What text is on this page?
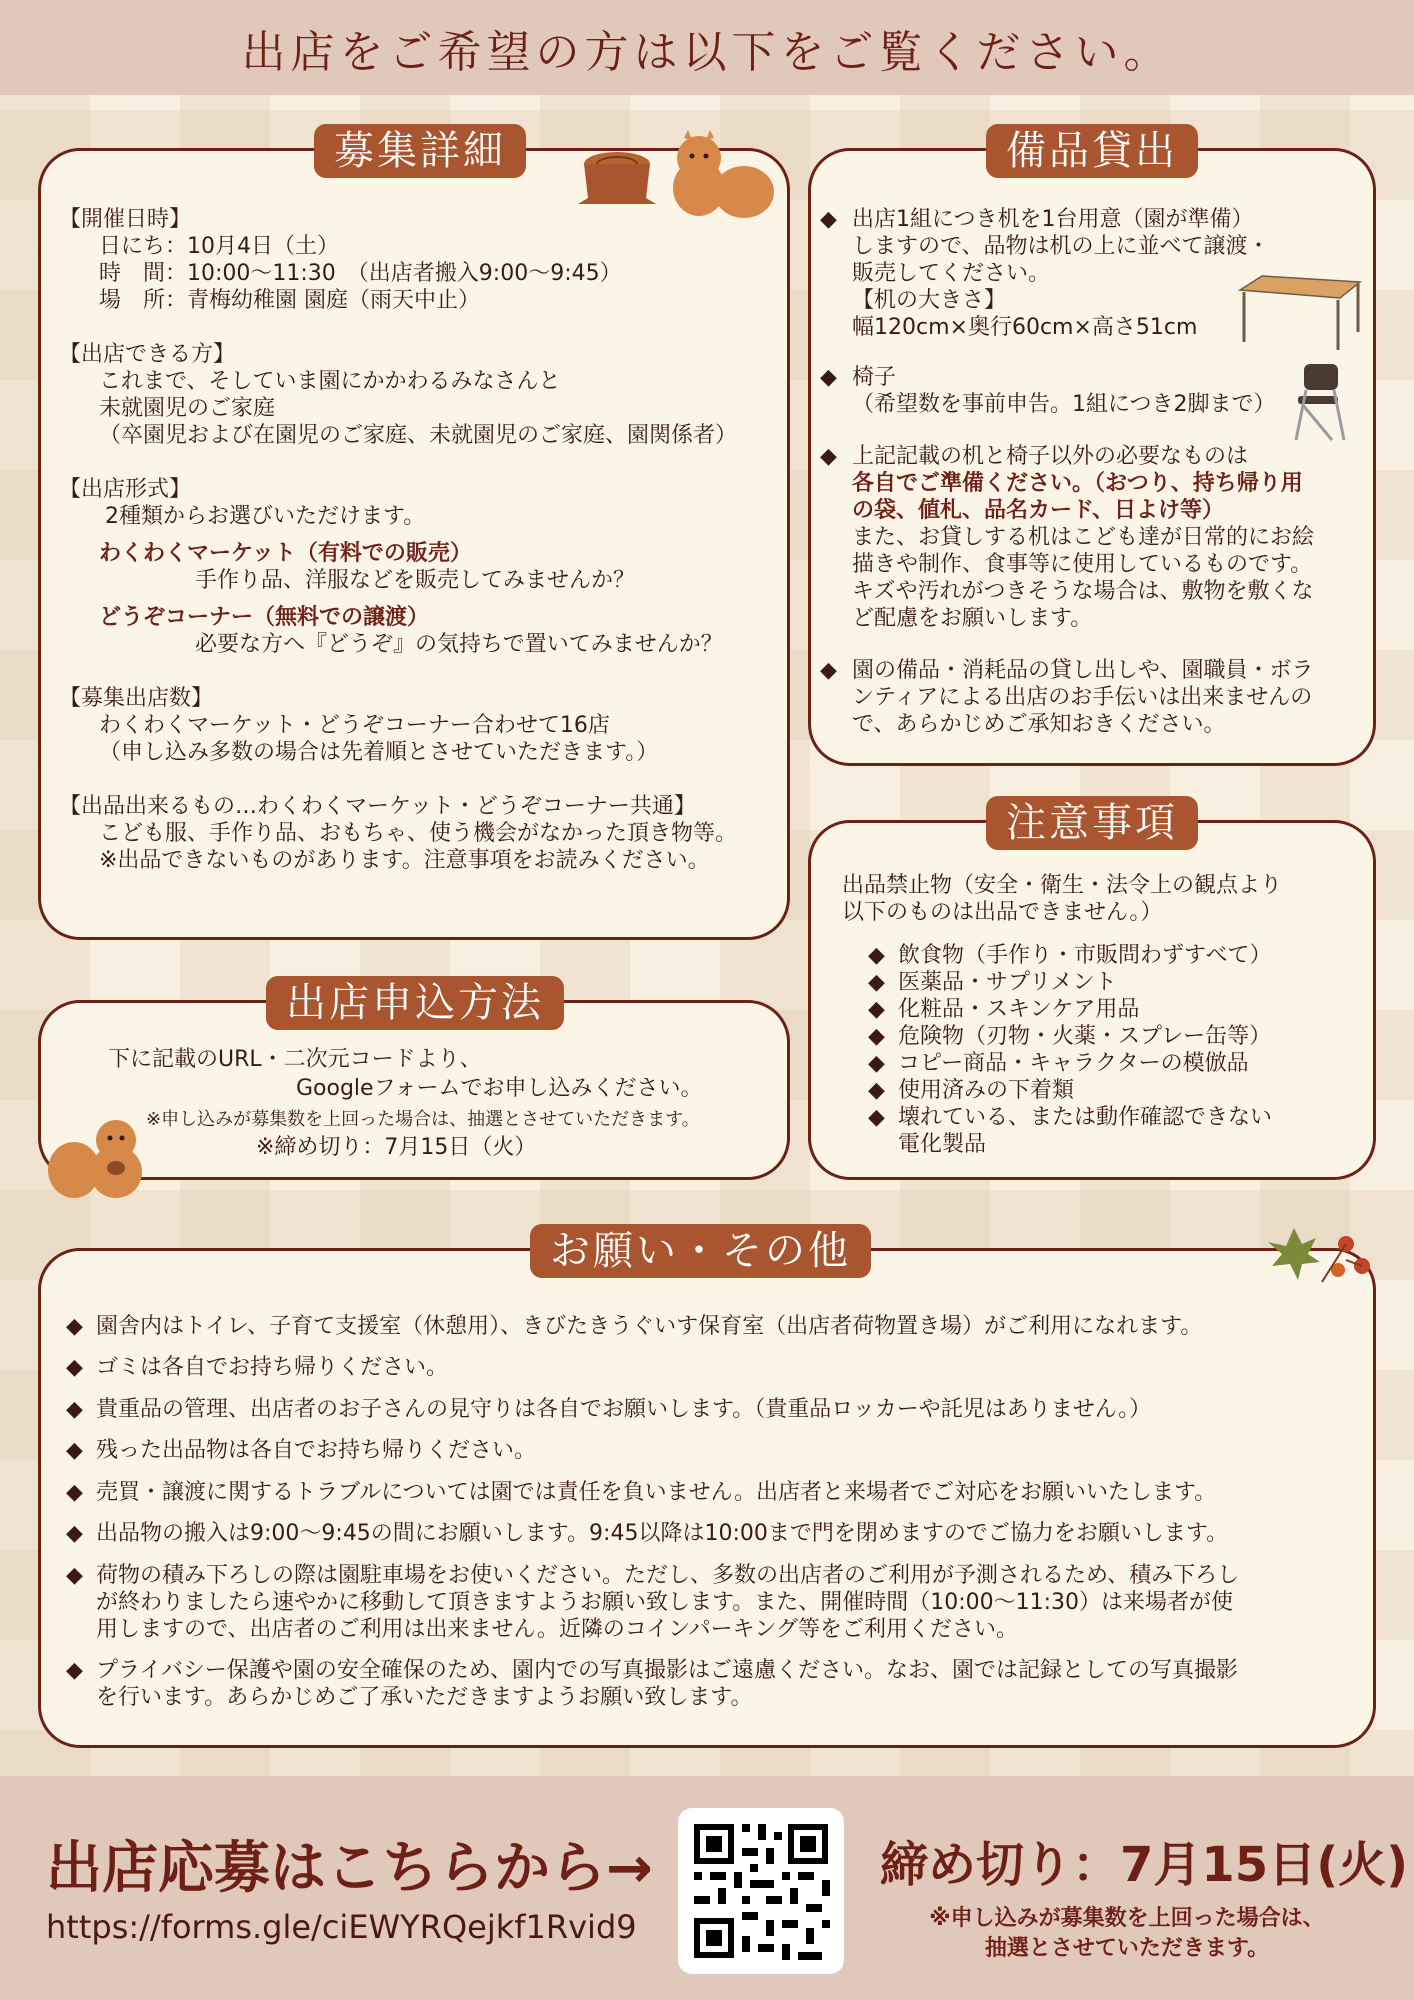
出店をご希望の方は以下をご覧ください。
【開催日時】
日にち：10月4日（土）
時　間：10:00〜11:30　（出店者搬入9:00〜9:45）
場　所：青梅幼稚園 園庭（雨天中止）
【出店できる方】
これまで、そしていま園にかかわるみなさんと
未就園児のご家庭
（卒園児および在園児のご家庭、未就園児のご家庭、園関係者）
【出店形式】
2種類からお選びいただけます。
わくわくマーケット（有料での販売）
手作り品、洋服などを販売してみませんか？
どうぞコーナー（無料での譲渡）
必要な方へ『どうぞ』の気持ちで置いてみませんか？
【募集出店数】
わくわくマーケット・どうぞコーナー合わせて16店
（申し込み多数の場合は先着順とさせていただきます。）
【出品出来るもの…わくわくマーケット・どうぞコーナー共通】
こども服、手作り品、おもちゃ、使う機会がなかった頂き物等。
※出品できないものがあります。注意事項をお読みください。
募集詳細	備品貸出
◆ 出店1組につき机を1台用意（園が準備）
しますので、品物は机の上に並べて譲渡・
販売してください。
【机の大きさ】
幅120cm×奥行60cm×高さ51cm
◆ 椅子
（希望数を事前申告。1組につき2脚まで）
◆ 上記記載の机と椅子以外の必要なものは
各自でご準備ください。（おつり、持ち帰り用
の袋、値札、品名カード、日よけ等）
また、お貸しする机はこども達が日常的にお絵
描きや制作、食事等に使用しているものです。
キズや汚れがつきそうな場合は、敷物を敷くな
ど配慮をお願いします。
◆ 園の備品・消耗品の貸し出しや、園職員・ボラ
ンティアによる出店のお手伝いは出来ませんの
で、あらかじめご承知おきください。
注意事項
出品禁止物（安全・衛生・法令上の観点より
以下のものは出品できません。）
◆ 飲食物（手作り・市販問わずすべて）
◆ 医薬品・サプリメント
◆ 化粧品・スキンケア用品
◆ 危険物（刃物・火薬・スプレー缶等）
◆ コピー商品・キャラクターの模倣品
◆ 使用済みの下着類
◆ 壊れている、または動作確認できない
電化製品
出店申込方法
下に記載のURL・二次元コードより、
Googleフォームでお申し込みください。
※申し込みが募集数を上回った場合は、抽選とさせていただきます。
※締め切り：7月15日（火）
お願い・その他
◆ 園舎内はトイレ、子育て支援室（休憩用）、きびたきうぐいす保育室（出店者荷物置き場）がご利用になれます。
◆ ゴミは各自でお持ち帰りください。
◆ 貴重品の管理、出店者のお子さんの見守りは各自でお願いします。（貴重品ロッカーや託児はありません。）
◆ 残った出品物は各自でお持ち帰りください。
◆ 売買・譲渡に関するトラブルについては園では責任を負いません。出店者と来場者でご対応をお願いいたします。
◆ 出品物の搬入は9:00〜9:45の間にお願いします。9:45以降は10:00まで門を閉めますのでご協力をお願いします。
◆ 荷物の積み下ろしの際は園駐車場をお使いください。ただし、多数の出店者のご利用が予測されるため、積み下ろし
が終わりましたら速やかに移動して頂きますようお願い致します。また、開催時間（10:00〜11:30）は来場者が使
用しますので、出店者のご利用は出来ません。近隣のコインパーキング等をご利用ください。
◆ プライバシー保護や園の安全確保のため、園内での写真撮影はご遠慮ください。なお、園では記録としての写真撮影
を行います。あらかじめご了承いただきますようお願い致します。
出店応募はこちらから→
https://forms.gle/ciEWYRQejkf1Rvid9
締め切り：7月15日(火)
※申し込みが募集数を上回った場合は、
抽選とさせていただきます。
